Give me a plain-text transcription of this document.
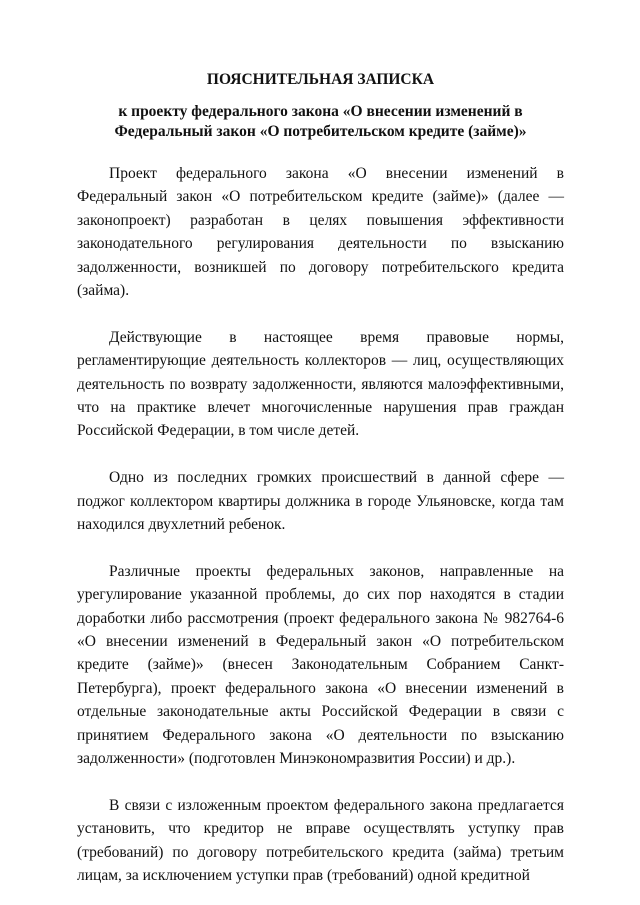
ПОЯСНИТЕЛЬНАЯ ЗАПИСКА

к проекту федерального закона «О внесении изменений в
Федеральный закон «О потребительском кредите (займе)»

Проект федерального закона «О внесении изменений в Федеральный закон «О потребительском кредите (займе)» (далее — законопроект) разработан в целях повышения эффективности законодательного регулирования деятельности по взысканию задолженности, возникшей по договору потребительского кредита (займа).

Действующие в настоящее время правовые нормы, регламентирующие деятельность коллекторов — лиц, осуществляющих деятельность по возврату задолженности, являются малоэффективными, что на практике влечет многочисленные нарушения прав граждан Российской Федерации, в том числе детей.

Одно из последних громких происшествий в данной сфере — поджог коллектором квартиры должника в городе Ульяновске, когда там находился двухлетний ребенок.

Различные проекты федеральных законов, направленные на урегулирование указанной проблемы, до сих пор находятся в стадии доработки либо рассмотрения (проект федерального закона № 982764-6 «О внесении изменений в Федеральный закон «О потребительском кредите (займе)» (внесен Законодательным Собранием Санкт-Петербурга), проект федерального закона «О внесении изменений в отдельные законодательные акты Российской Федерации в связи с принятием Федерального закона «О деятельности по взысканию задолженности» (подготовлен Минэкономразвития России) и др.).

В связи с изложенным проектом федерального закона предлагается установить, что кредитор не вправе осуществлять уступку прав (требований) по договору потребительского кредита (займа) третьим лицам, за исключением уступки прав (требований) одной кредитной
